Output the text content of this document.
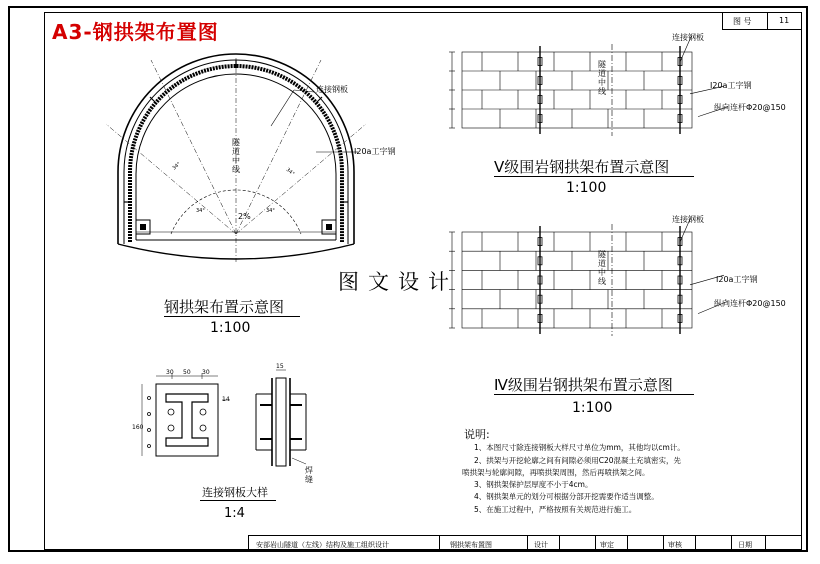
A3-钢拱架布置图	图 号	11
34°
34°
34°	34°
连接钢板
I20a工字钢
隧道中线
2%
钢拱架布置示意图
1:100
连接钢板
I20a工字钢
纵向连杆Φ20@150
隧道中线
Ⅴ级围岩钢拱架布置示意图
1:100
连接钢板
I20a工字钢
纵向连杆Φ20@150
隧道中线
Ⅳ级围岩钢拱架布置示意图
1:100
图文设计
30 50 30
160
14
15
焊缝
连接钢板大样
1:4
说明:
1、本图尺寸除连接钢板大样尺寸单位为mm，其他均以cm计。
2、拱架与开挖轮廓之间有间隙必须用C20混凝土充填密实，先
喷拱架与轮廓间隙，再喷拱架周围，然后再喷拱架之间。
3、钢拱架保护层厚度不小于4cm。
4、钢拱架单元的划分可根据分部开挖需要作适当调整。
5、在施工过程中，严格按照有关规范进行施工。
安部岩山隧道（左线）结构及施工组织设计	钢拱架布置图	设计	审定	审核	日期
